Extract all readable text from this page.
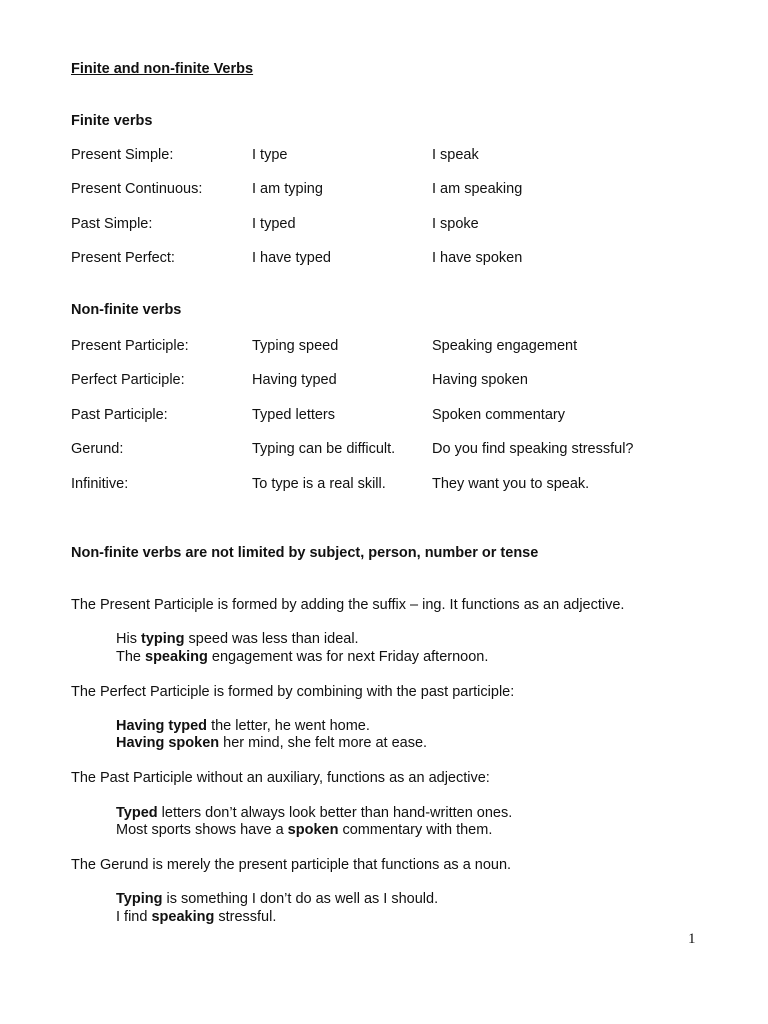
Finite and non-finite Verbs
Finite verbs
Present Simple:	I type	I speak
Present Continuous:	I am typing	I am speaking
Past Simple:	I typed	I spoke
Present Perfect:	I have typed	I have spoken
Non-finite verbs
Present Participle:	Typing speed	Speaking engagement
Perfect Participle:	Having typed	Having spoken
Past Participle:	Typed letters	Spoken commentary
Gerund:	Typing can be difficult.	Do you find speaking stressful?
Infinitive:	To type is a real skill.	They want you to speak.
Non-finite verbs are not limited by subject, person, number or tense
The Present Participle is formed by adding the suffix – ing. It functions as an adjective.
His typing speed was less than ideal.
The speaking engagement was for next Friday afternoon.
The Perfect Participle is formed by combining with the past participle:
Having typed the letter, he went home.
Having spoken her mind, she felt more at ease.
The Past Participle without an auxiliary, functions as an adjective:
Typed letters don’t always look better than hand-written ones.
Most sports shows have a spoken commentary with them.
The Gerund is merely the present participle that functions as a noun.
Typing is something I don’t do as well as I should.
I find speaking stressful.
1
